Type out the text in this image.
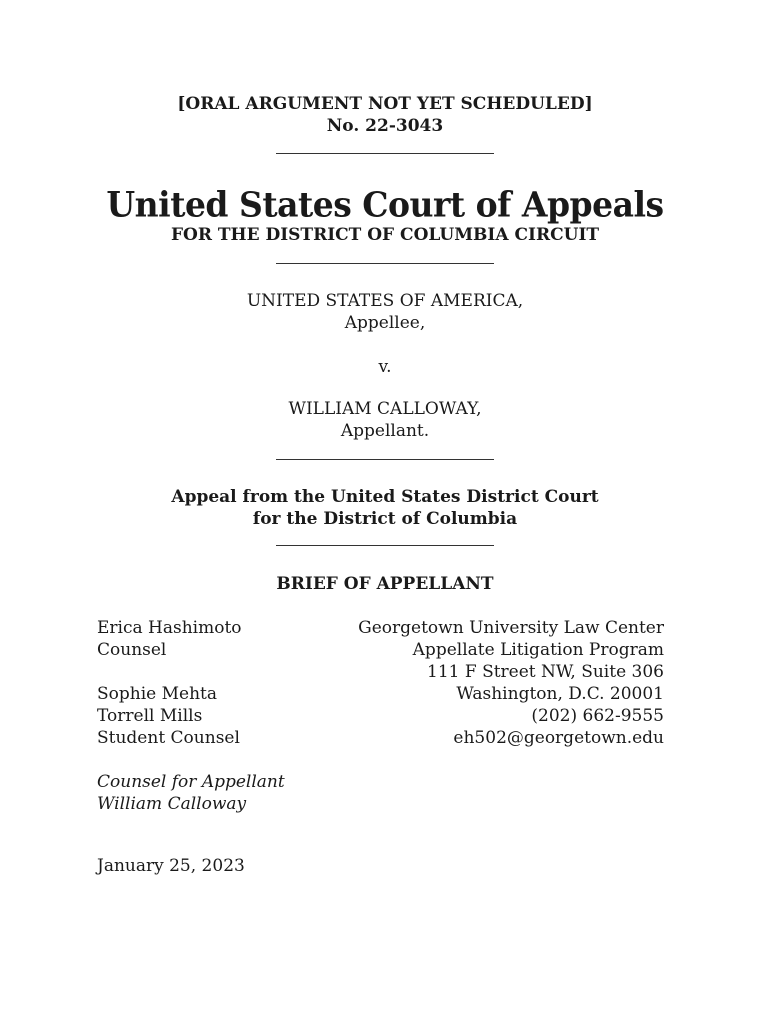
[ORAL ARGUMENT NOT YET SCHEDULED]
No. 22-3043
United States Court of Appeals
FOR THE DISTRICT OF COLUMBIA CIRCUIT
UNITED STATES OF AMERICA,
Appellee,
v.
WILLIAM CALLOWAY,
Appellant.
Appeal from the United States District Court
for the District of Columbia
BRIEF OF APPELLANT
Erica Hashimoto
Counsel
Sophie Mehta
Torrell Mills
Student Counsel
Counsel for Appellant
William Calloway
Georgetown University Law Center
Appellate Litigation Program
111 F Street NW, Suite 306
Washington, D.C. 20001
(202) 662-9555
eh502@georgetown.edu
January 25, 2023
